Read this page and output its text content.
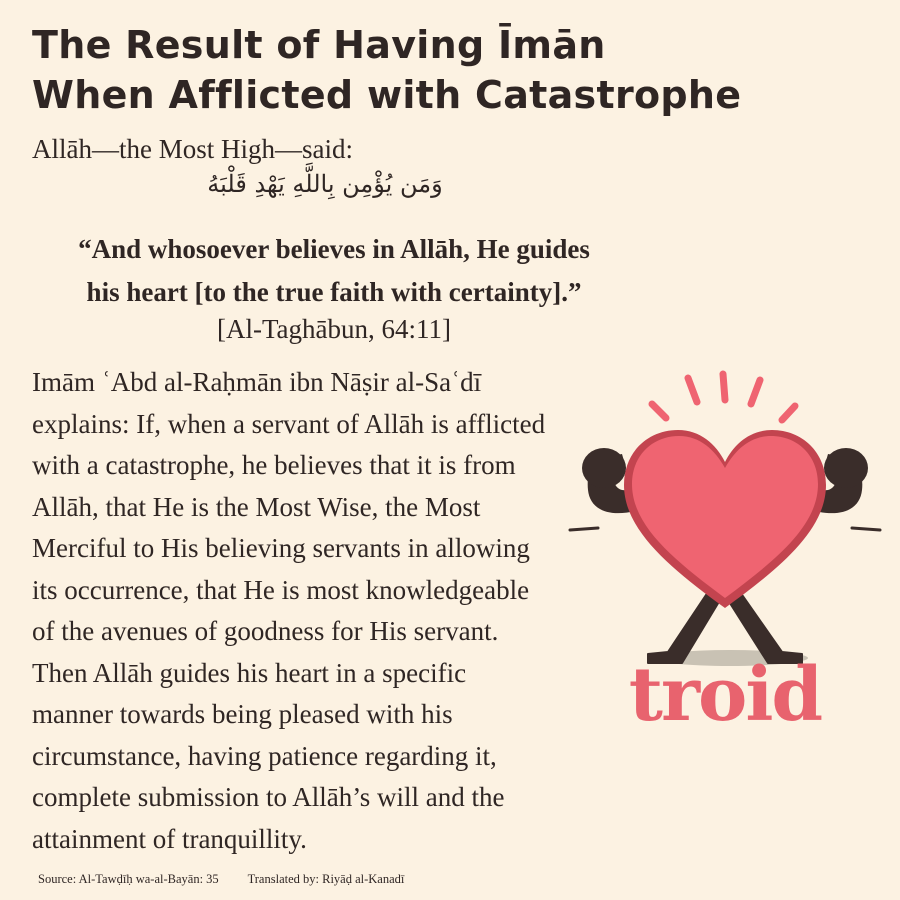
The Result of Having Īmān
When Afflicted with Catastrophe
Allāh—the Most High—said:
وَمَن يُؤْمِن بِاللَّهِ يَهْدِ قَلْبَهُ
“And whosoever believes in Allāh, He guides
his heart [to the true faith with certainty].”
[Al-Taghābun, 64:11]
Imām ʿAbd al-Raḥmān ibn Nāṣir al-Saʿdī
explains: If, when a servant of Allāh is afflicted
with a catastrophe, he believes that it is from
Allāh, that He is the Most Wise, the Most
Merciful to His believing servants in allowing
its occurrence, that He is most knowledgeable
of the avenues of goodness for His servant.
Then Allāh guides his heart in a specific
manner towards being pleased with his
circumstance, having patience regarding it,
complete submission to Allāh’s will and the
attainment of tranquillity.
troid
Source: Al-Tawḍīḥ wa-al-Bayān: 35 Translated by: Riyāḍ al-Kanadī
